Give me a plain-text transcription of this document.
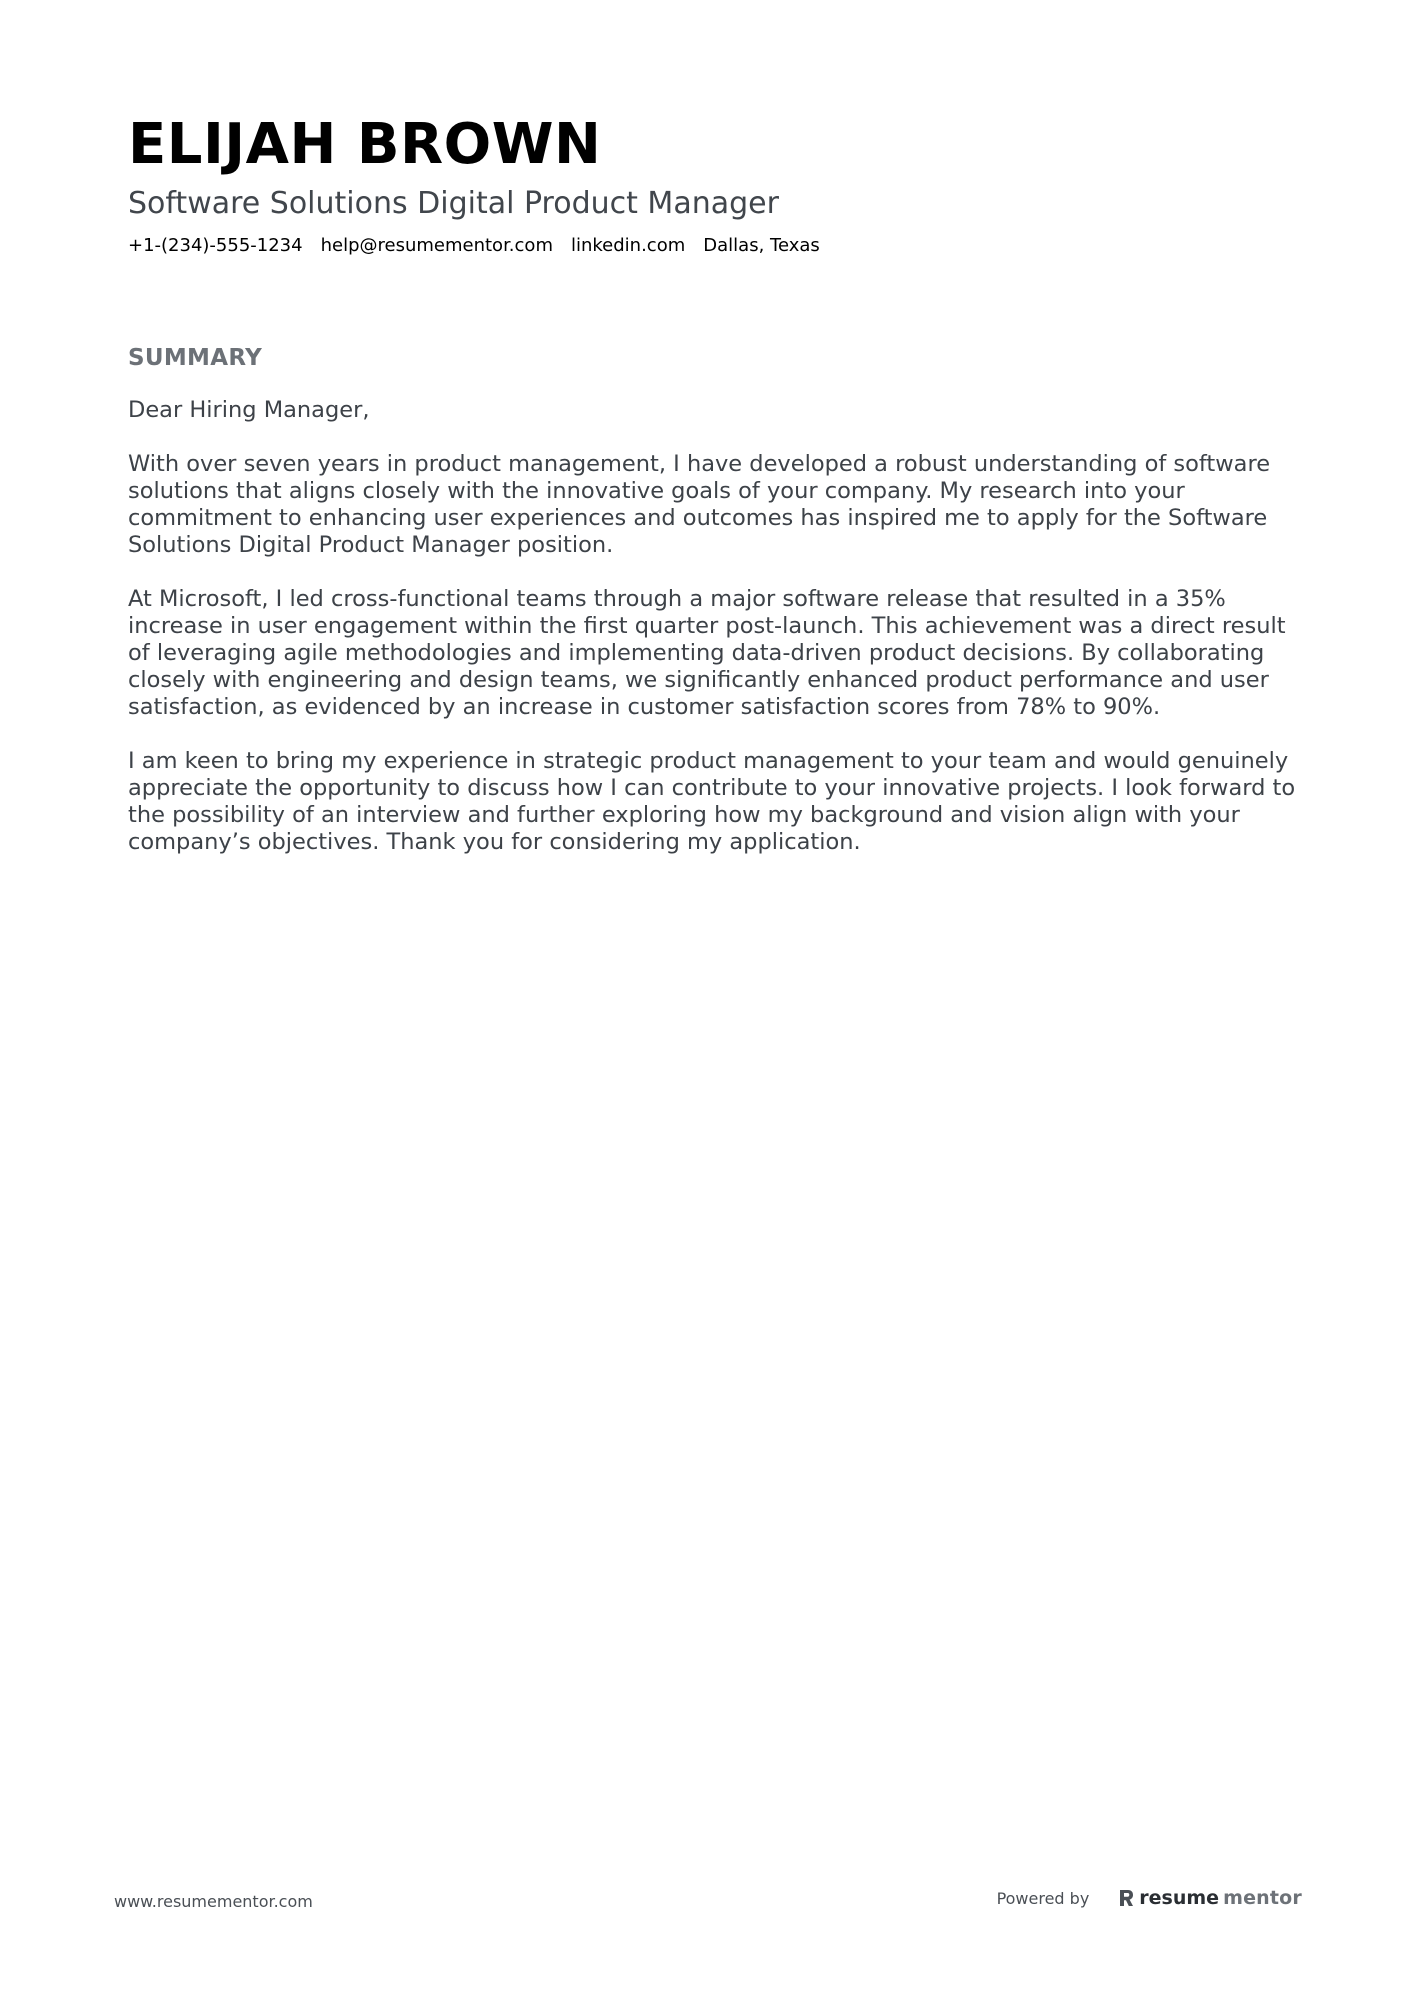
ELIJAH BROWN
Software Solutions Digital Product Manager
+1-(234)-555-1234 help@resumementor.com linkedin.com Dallas, Texas
SUMMARY

Dear Hiring Manager,

With over seven years in product management, I have developed a robust understanding of software solutions that aligns closely with the innovative goals of your company. My research into your commitment to enhancing user experiences and outcomes has inspired me to apply for the Software Solutions Digital Product Manager position.

At Microsoft, I led cross-functional teams through a major software release that resulted in a 35% increase in user engagement within the first quarter post-launch. This achievement was a direct result of leveraging agile methodologies and implementing data-driven product decisions. By collaborating closely with engineering and design teams, we significantly enhanced product performance and user satisfaction, as evidenced by an increase in customer satisfaction scores from 78% to 90%.

I am keen to bring my experience in strategic product management to your team and would genuinely appreciate the opportunity to discuss how I can contribute to your innovative projects. I look forward to the possibility of an interview and further exploring how my background and vision align with your company’s objectives. Thank you for considering my application.

www.resumementor.com	Powered by	resume mentor
